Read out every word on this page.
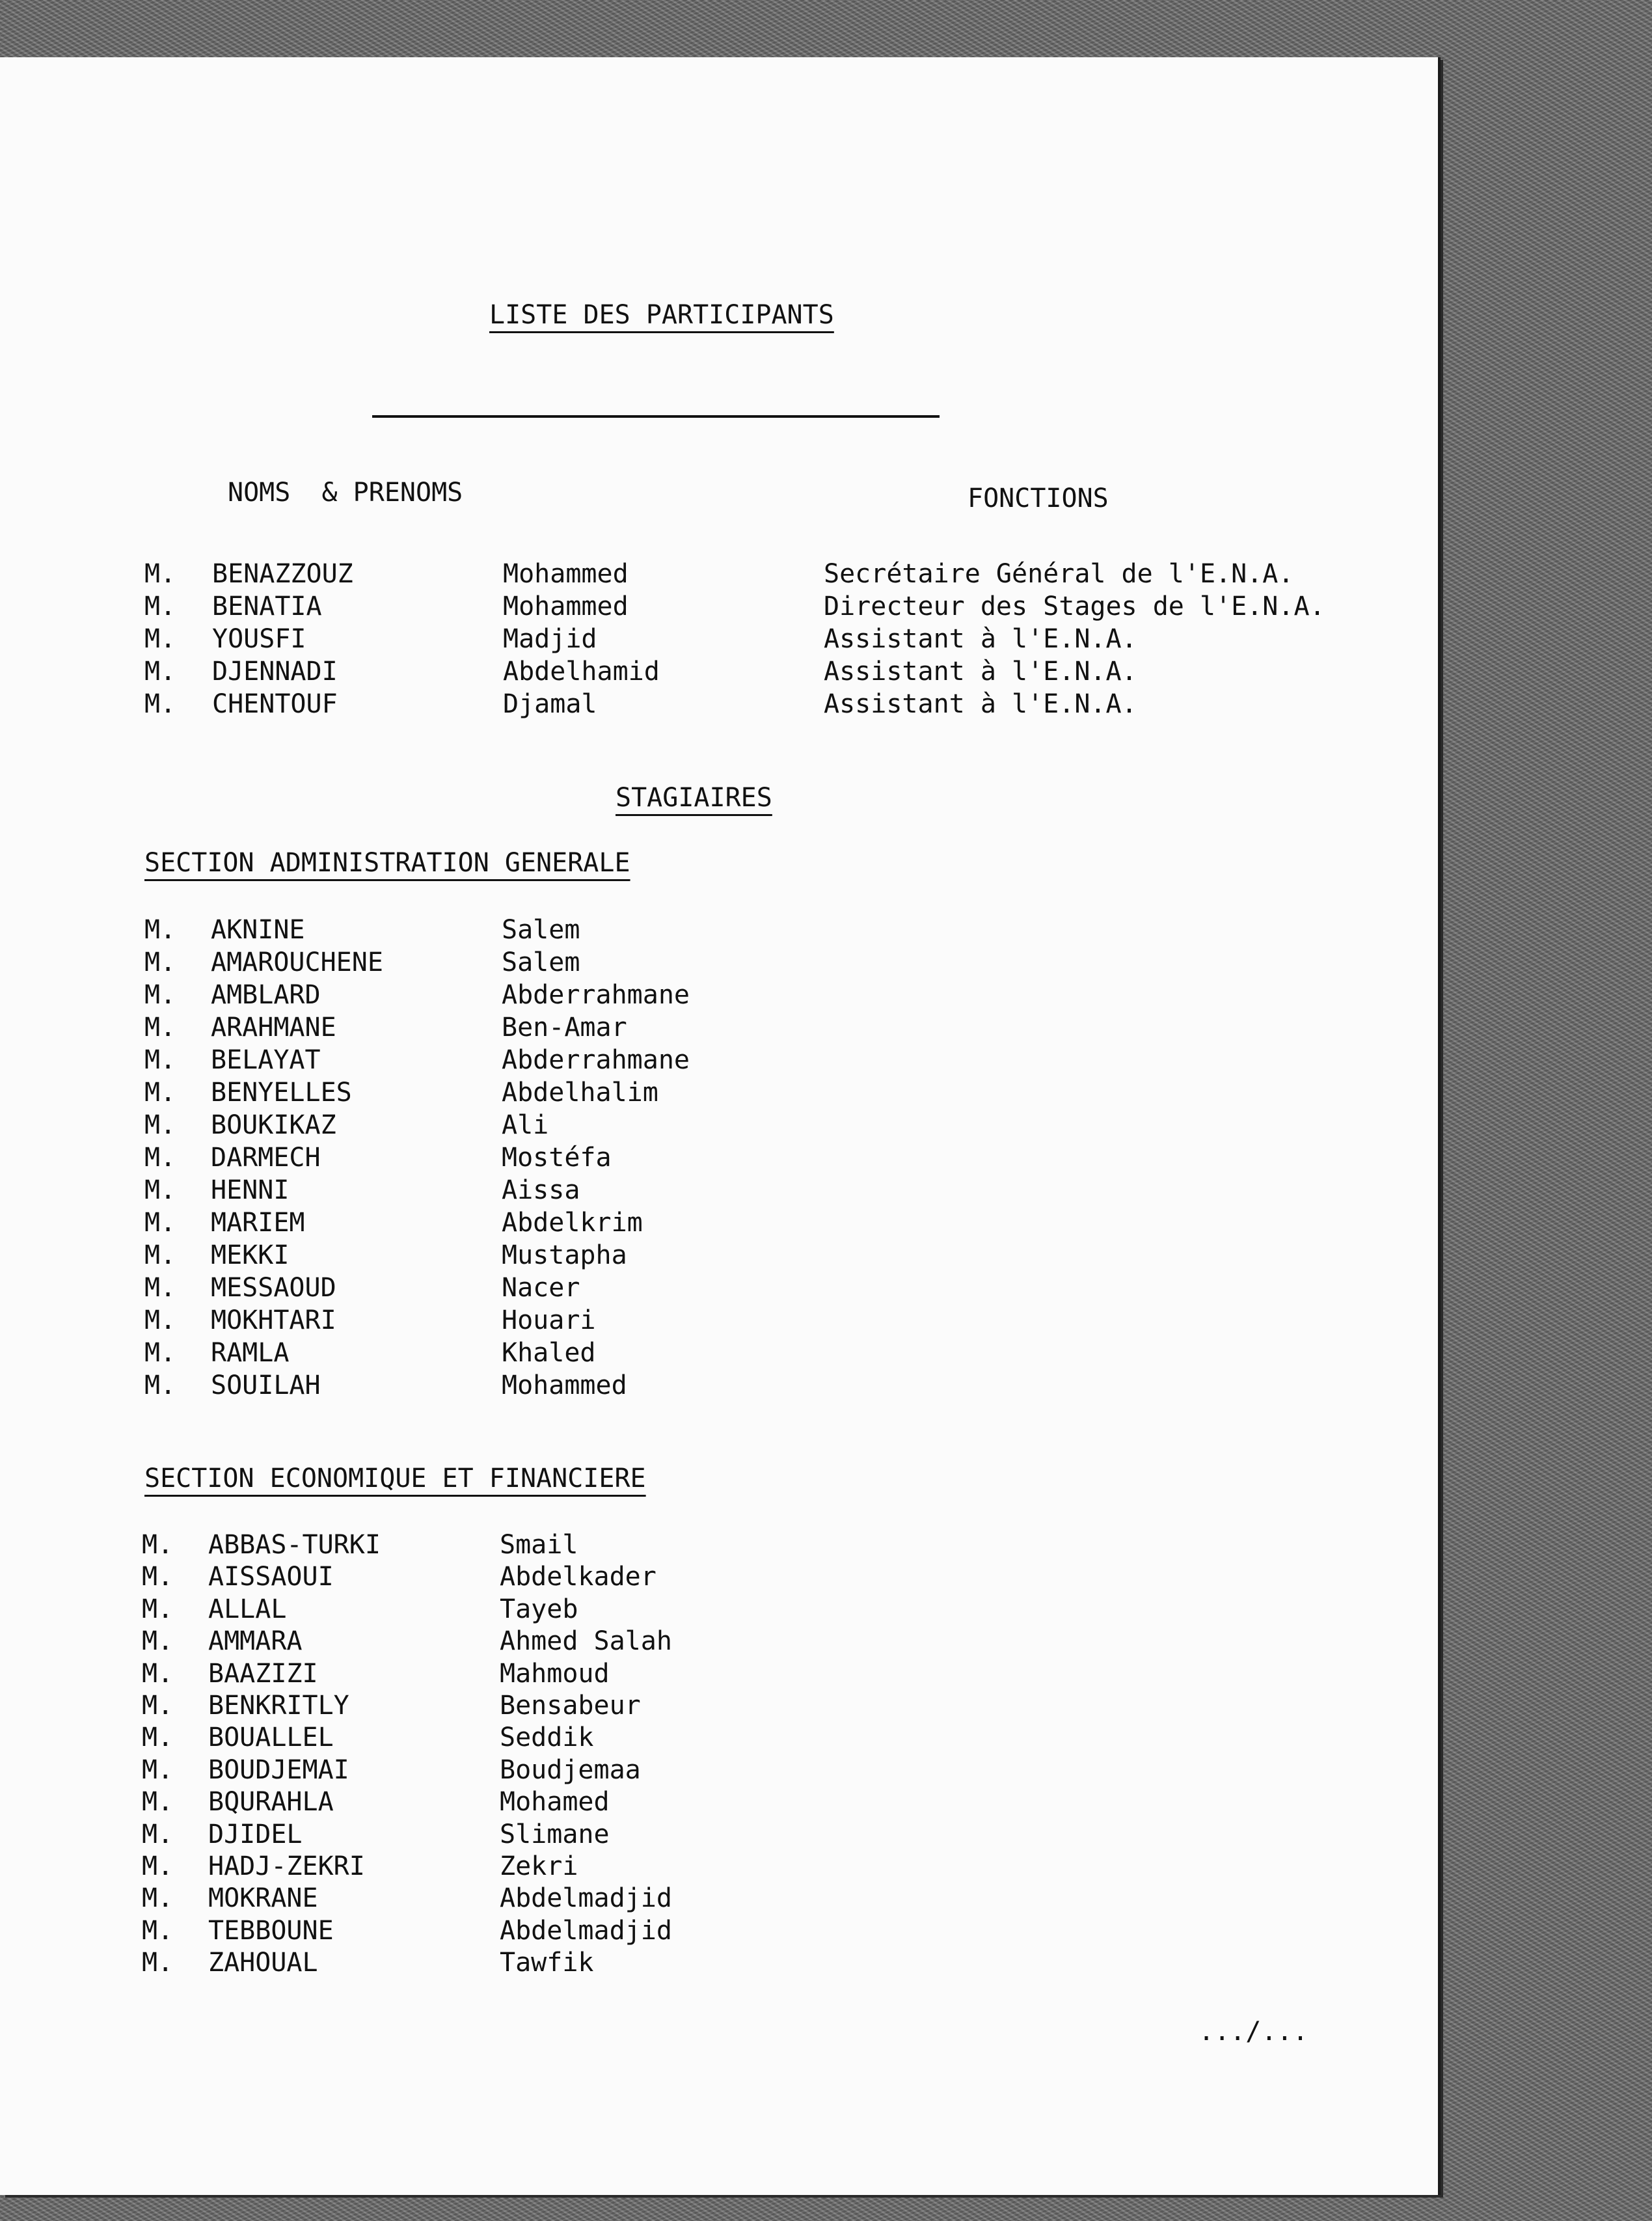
LISTE DES PARTICIPANTS
NOMS  & PRENOMS	FONCTIONS
M. BENAZZOUZ	Mohammed	Secrétaire Général de l'E.N.A.
M. BENATIA	Mohammed	Directeur des Stages de l'E.N.A.
M. YOUSFI	Madjid	Assistant à l'E.N.A.
M. DJENNADI	Abdelhamid	Assistant à l'E.N.A.
M. CHENTOUF	Djamal	Assistant à l'E.N.A.
STAGIAIRES
SECTION ADMINISTRATION GENERALE
M. AKNINE	Salem
M. AMAROUCHENE	Salem
M. AMBLARD	Abderrahmane
M. ARAHMANE	Ben-Amar
M. BELAYAT	Abderrahmane
M. BENYELLES	Abdelhalim
M. BOUKIKAZ	Ali
M. DARMECH	Mostéfa
M. HENNI	Aissa
M. MARIEM	Abdelkrim
M. MEKKI	Mustapha
M. MESSAOUD	Nacer
M. MOKHTARI	Houari
M. RAMLA	Khaled
M. SOUILAH	Mohammed
SECTION ECONOMIQUE ET FINANCIERE
M. ABBAS-TURKI	Smail
M. AISSAOUI	Abdelkader
M. ALLAL	Tayeb
M. AMMARA	Ahmed Salah
M. BAAZIZI	Mahmoud
M. BENKRITLY	Bensabeur
M. BOUALLEL	Seddik
M. BOUDJEMAI	Boudjemaa
M. BQURAHLA	Mohamed
M. DJIDEL	Slimane
M. HADJ-ZEKRI	Zekri
M. MOKRANE	Abdelmadjid
M. TEBBOUNE	Abdelmadjid
M. ZAHOUAL	Tawfik
.../...
